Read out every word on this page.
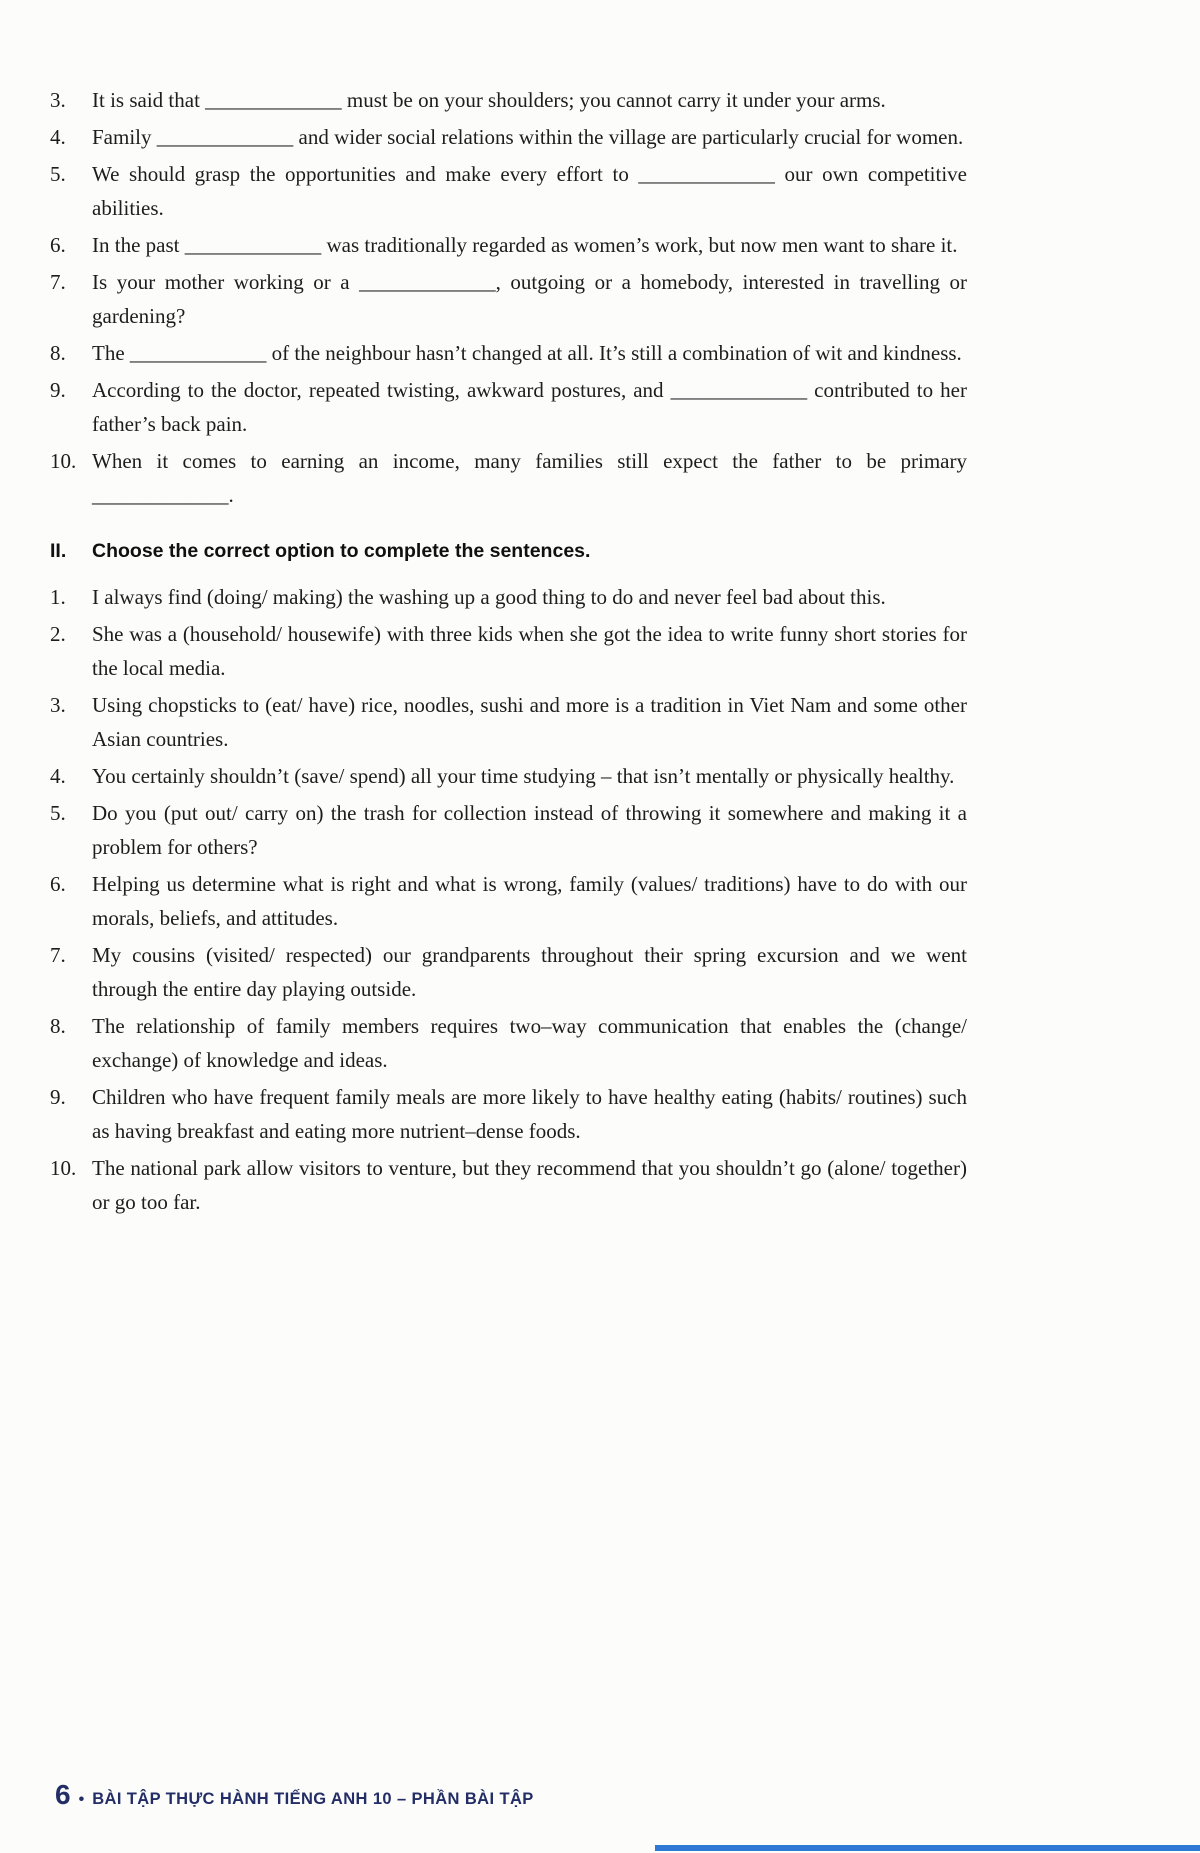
3.	It is said that _____________ must be on your shoulders; you cannot carry it under your arms.
4.	Family _____________ and wider social relations within the village are particularly crucial for women.
5.	We should grasp the opportunities and make every effort to _____________ our own competitive abilities.
6.	In the past _____________ was traditionally regarded as women’s work, but now men want to share it.
7.	Is your mother working or a _____________, outgoing or a homebody, interested in travelling or gardening?
8.	The _____________ of the neighbour hasn’t changed at all. It’s still a combination of wit and kindness.
9.	According to the doctor, repeated twisting, awkward postures, and _____________ contributed to her father’s back pain.
10. When it comes to earning an income, many families still expect the father to be primary _____________.
II.	Choose the correct option to complete the sentences.
1.	I always find (doing/ making) the washing up a good thing to do and never feel bad about this.
2.	She was a (household/ housewife) with three kids when she got the idea to write funny short stories for the local media.
3.	Using chopsticks to (eat/ have) rice, noodles, sushi and more is a tradition in Viet Nam and some other Asian countries.
4.	You certainly shouldn’t (save/ spend) all your time studying – that isn’t mentally or physically healthy.
5.	Do you (put out/ carry on) the trash for collection instead of throwing it somewhere and making it a problem for others?
6.	Helping us determine what is right and what is wrong, family (values/ traditions) have to do with our morals, beliefs, and attitudes.
7.	My cousins (visited/ respected) our grandparents throughout their spring excursion and we went through the entire day playing outside.
8.	The relationship of family members requires two–way communication that enables the (change/ exchange) of knowledge and ideas.
9.	Children who have frequent family meals are more likely to have healthy eating (habits/ routines) such as having breakfast and eating more nutrient–dense foods.
10. The national park allow visitors to venture, but they recommend that you shouldn’t go (alone/ together) or go too far.
6 • BÀI TẬP THỰC HÀNH TIẾNG ANH 10 – PHẦN BÀI TẬP
